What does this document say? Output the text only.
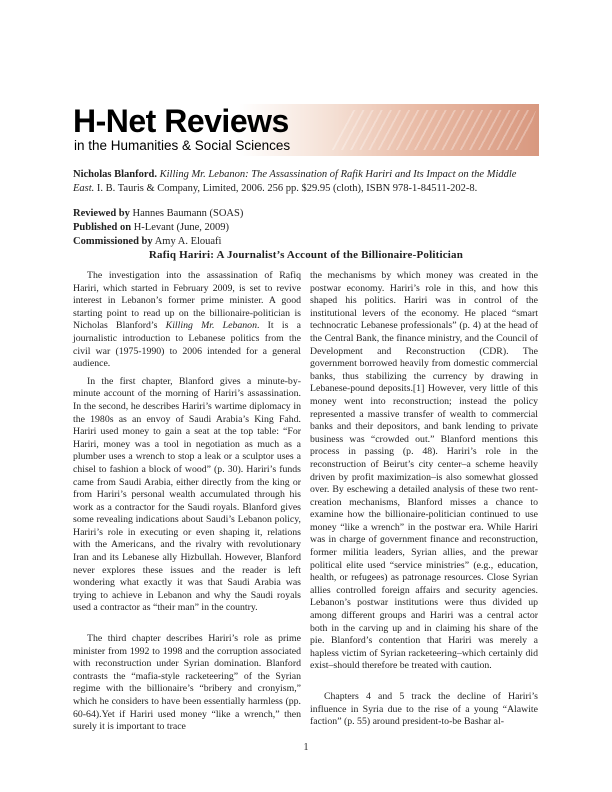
H-Net Reviews
in the Humanities & Social Sciences
Nicholas Blanford. Killing Mr. Lebanon: The Assassination of Rafik Hariri and Its Impact on the Middle East. I. B. Tauris & Company, Limited, 2006. 256 pp. $29.95 (cloth), ISBN 978-1-84511-202-8.
Reviewed by Hannes Baumann (SOAS)
Published on H-Levant (June, 2009)
Commissioned by Amy A. Elouafi
Rafiq Hariri: A Journalist’s Account of the Billionaire-Politician

The investigation into the assassination of Rafiq Hariri, which started in February 2009, is set to revive interest in Lebanon’s former prime minister. A good starting point to read up on the billionaire-politician is Nicholas Blanford’s Killing Mr. Lebanon. It is a journalistic introduction to Lebanese politics from the civil war (1975-1990) to 2006 intended for a general audience.

In the first chapter, Blanford gives a minute-by-minute account of the morning of Hariri’s assassination. In the second, he describes Hariri’s wartime diplomacy in the 1980s as an envoy of Saudi Arabia’s King Fahd. Hariri used money to gain a seat at the top table: “For Hariri, money was a tool in negotiation as much as a plumber uses a wrench to stop a leak or a sculptor uses a chisel to fashion a block of wood” (p. 30). Hariri’s funds came from Saudi Arabia, either directly from the king or from Hariri’s personal wealth accumulated through his work as a contractor for the Saudi royals. Blanford gives some revealing indications about Saudi’s Lebanon policy, Hariri’s role in executing or even shaping it, relations with the Americans, and the rivalry with revolutionary Iran and its Lebanese ally Hizbullah. However, Blanford never explores these issues and the reader is left wondering what exactly it was that Saudi Arabia was trying to achieve in Lebanon and why the Saudi royals used a contractor as “their man” in the country.

The third chapter describes Hariri’s role as prime minister from 1992 to 1998 and the corruption associated with reconstruction under Syrian domination. Blanford contrasts the “mafia-style racketeering” of the Syrian regime with the billionaire’s “bribery and cronyism,” which he considers to have been essentially harmless (pp. 60-64).Yet if Hariri used money “like a wrench,” then surely it is important to trace

the mechanisms by which money was created in the postwar economy. Hariri’s role in this, and how this shaped his politics. Hariri was in control of the institutional levers of the economy. He placed “smart technocratic Lebanese professionals” (p. 4) at the head of the Central Bank, the finance ministry, and the Council of Development and Reconstruction (CDR). The government borrowed heavily from domestic commercial banks, thus stabilizing the currency by drawing in Lebanese-pound deposits.[1] However, very little of this money went into reconstruction; instead the policy represented a massive transfer of wealth to commercial banks and their depositors, and bank lending to private business was “crowded out.” Blanford mentions this process in passing (p. 48). Hariri’s role in the reconstruction of Beirut’s city center–a scheme heavily driven by profit maximization–is also somewhat glossed over. By eschewing a detailed analysis of these two rent-creation mechanisms, Blanford misses a chance to examine how the billionaire-politician continued to use money “like a wrench” in the postwar era. While Hariri was in charge of government finance and reconstruction, former militia leaders, Syrian allies, and the prewar political elite used “service ministries” (e.g., education, health, or refugees) as patronage resources. Close Syrian allies controlled foreign affairs and security agencies. Lebanon’s postwar institutions were thus divided up among different groups and Hariri was a central actor both in the carving up and in claiming his share of the pie. Blanford’s contention that Hariri was merely a hapless victim of Syrian racketeering–which certainly did exist–should therefore be treated with caution.

Chapters 4 and 5 track the decline of Hariri’s influence in Syria due to the rise of a young “Alawite faction” (p. 55) around president-to-be Bashar al-

1
